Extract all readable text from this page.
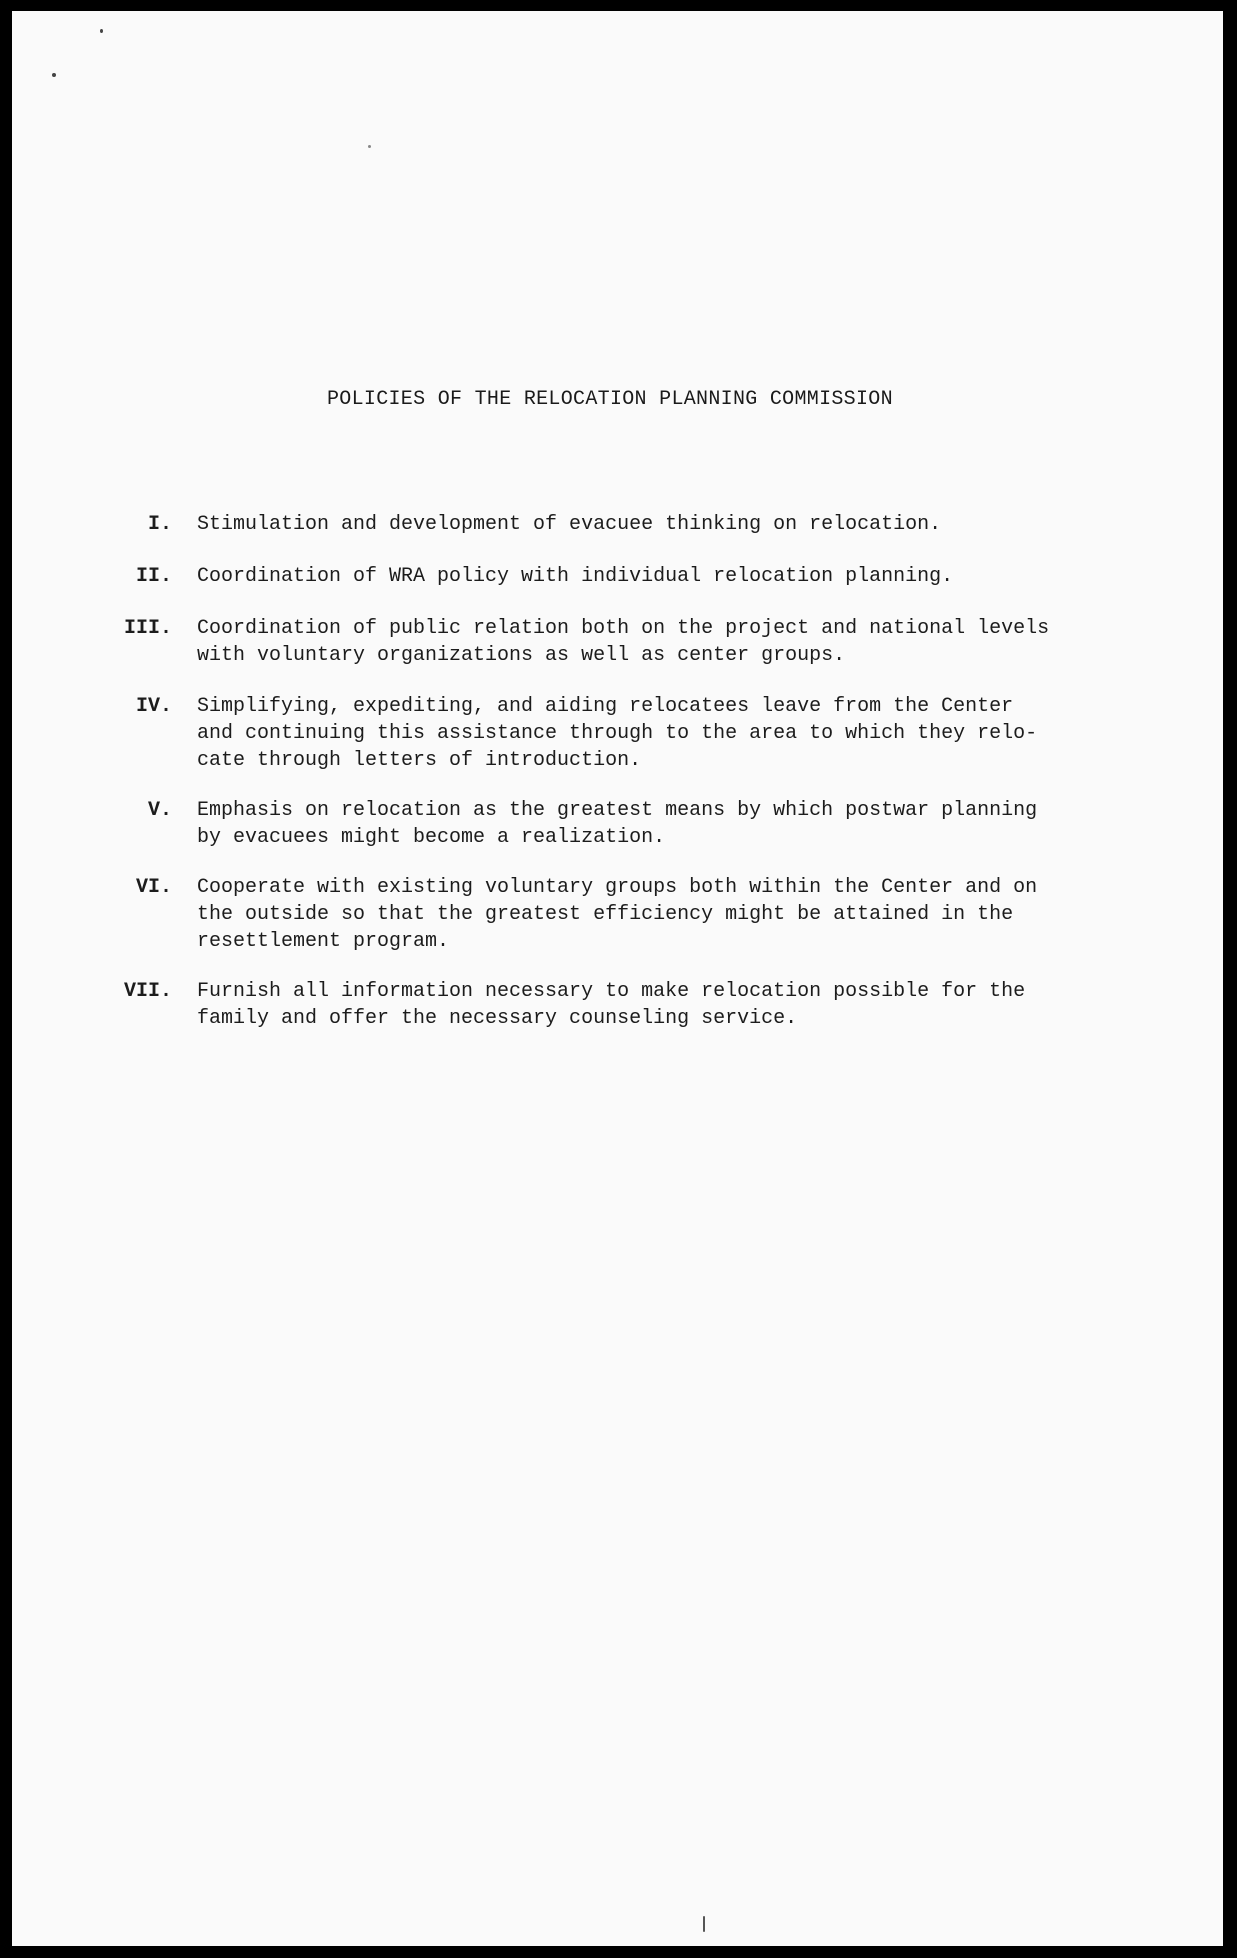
POLICIES OF THE RELOCATION PLANNING COMMISSION
I.	Stimulation and development of evacuee thinking on relocation.
II.	Coordination of WRA policy with individual relocation planning.
III.	Coordination of public relation both on the project and national levels
with voluntary organizations as well as center groups.
IV.	Simplifying, expediting, and aiding relocatees leave from the Center
and continuing this assistance through to the area to which they relo-
cate through letters of introduction.
V.	Emphasis on relocation as the greatest means by which postwar planning
by evacuees might become a realization.
VI.	Cooperate with existing voluntary groups both within the Center and on
the outside so that the greatest efficiency might be attained in the
resettlement program.
VII.	Furnish all information necessary to make relocation possible for the
family and offer the necessary counseling service.
